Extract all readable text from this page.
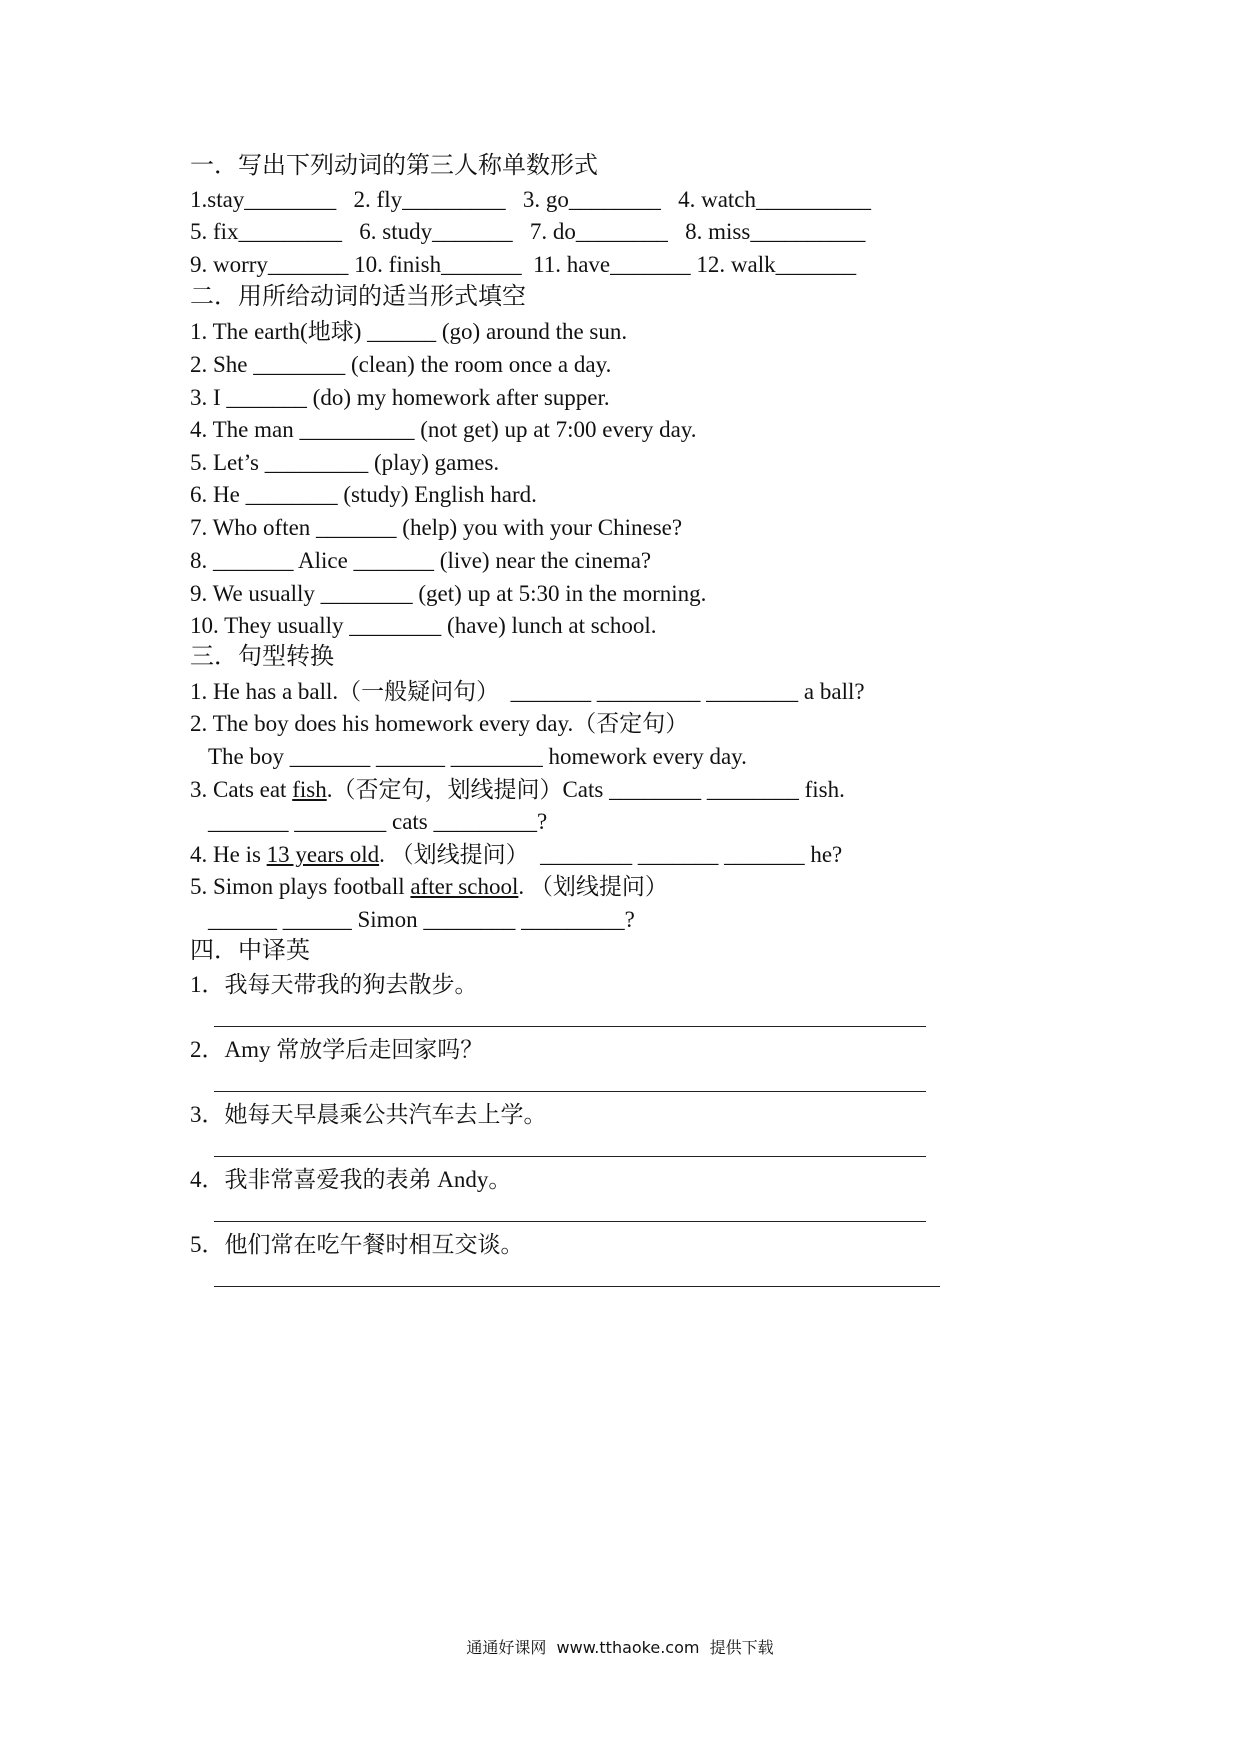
一．写出下列动词的第三人称单数形式
1.stay________   2. fly_________   3. go________   4. watch__________
5. fix_________   6. study_______   7. do________   8. miss__________
9. worry_______ 10. finish_______  11. have_______ 12. walk_______
二．用所给动词的适当形式填空
1. The earth(地球) ______ (go) around the sun.
2. She ________ (clean) the room once a day.
3. I _______ (do) my homework after supper.
4. The man __________ (not get) up at 7:00 every day.
5. Let’s _________ (play) games.
6. He ________ (study) English hard.
7. Who often _______ (help) you with your Chinese?
8. _______ Alice _______ (live) near the cinema?
9. We usually ________ (get) up at 5:30 in the morning.
10. They usually ________ (have) lunch at school.
三．句型转换
1. He has a ball.（一般疑问句）  _______ _________ ________ a ball?
2. The boy does his homework every day.（否定句）
The boy _______ ______ ________ homework every day.
3. Cats eat fish.（否定句，划线提问）Cats ________ ________ fish.
_______ ________ cats _________?
4. He is 13 years old. （划线提问）  ________ _______ _______ he?
5. Simon plays football after school. （划线提问）
______ ______ Simon ________ _________?
四．中译英
1．我每天带我的狗去散步。
2．Amy 常放学后走回家吗？
3．她每天早晨乘公共汽车去上学。
4．我非常喜爱我的表弟 Andy。
5．他们常在吃午餐时相互交谈。
通通好课网  www.tthaoke.com  提供下载
